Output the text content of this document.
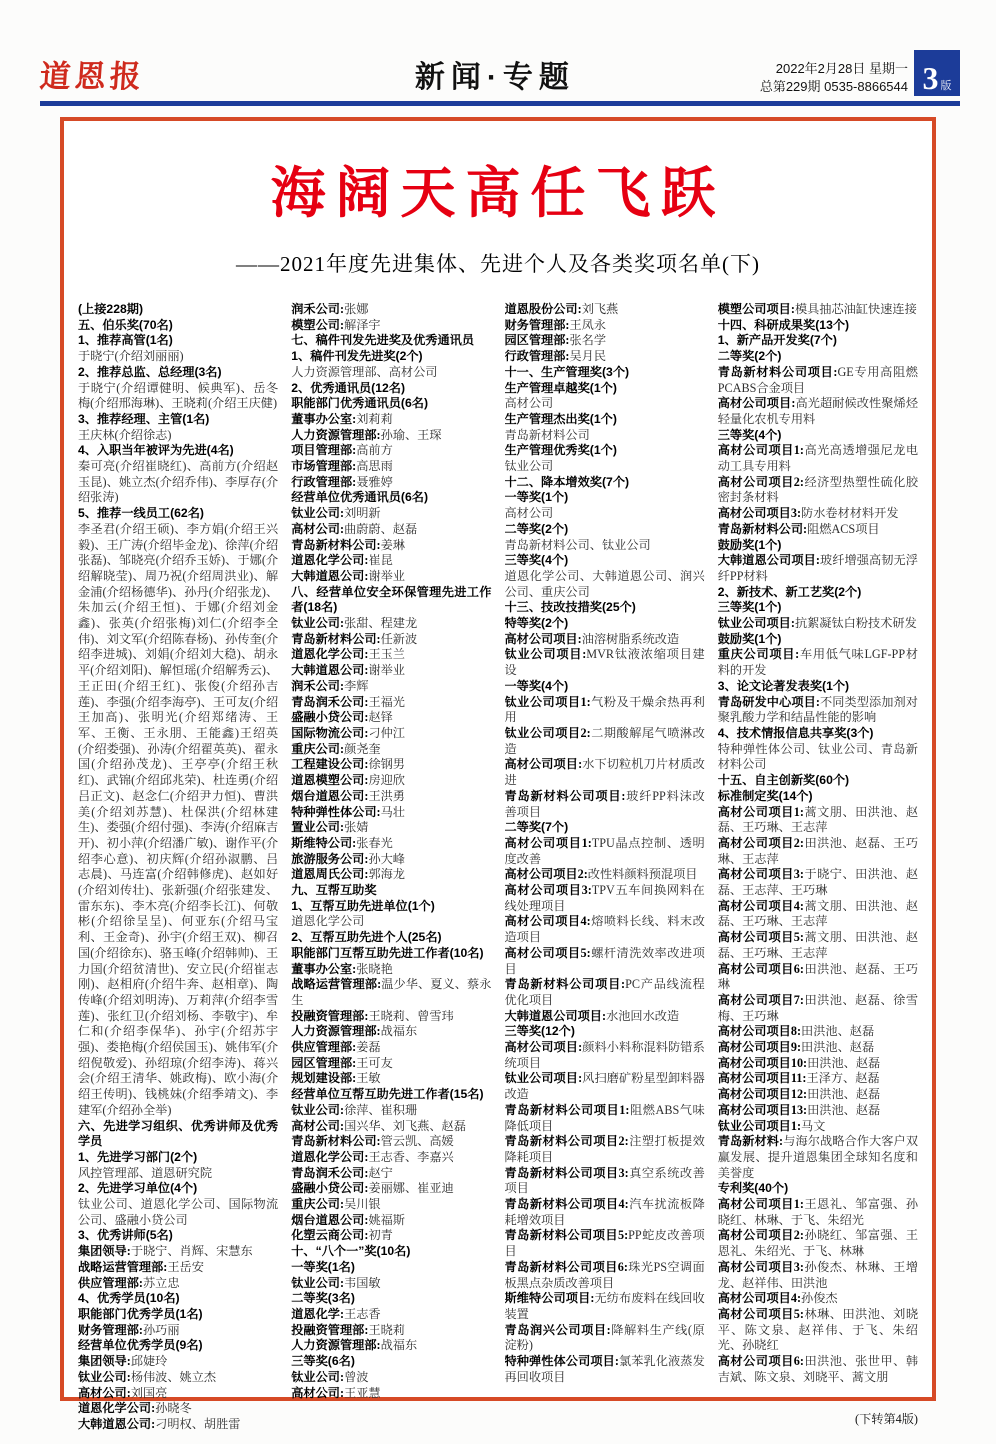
道恩报	新闻·专题	2022年2月28日 星期一
总第229期 0535-8866544 3 版
海阔天高任飞跃
——2021年度先进集体、先进个人及各类奖项名单(下)

(上接228期)

五、伯乐奖(70名)

1、推荐高管(1名)

于晓宁(介绍刘丽丽)

2、推荐总监、总经理(3名)

于晓宁(介绍谭健明、候典军)、岳冬梅(介绍邢海琳)、王晓莉(介绍王庆健)

3、推荐经理、主管(1名)

王庆林(介绍徐志)

4、入职当年被评为先进(4名)

秦可亮(介绍崔晓红)、高前方(介绍赵玉昆)、姚立杰(介绍乔伟)、李厚存(介绍张涛)

5、推荐一线员工(62名)

李圣君(介绍王硕)、李方娟(介绍王兴毅)、王广涛(介绍毕金龙)、徐萍(介绍张磊)、邹晓亮(介绍乔玉娇)、于娜(介绍解晓莹)、周乃祝(介绍周洪业)、解金浦(介绍杨德华)、孙丹(介绍张龙)、朱加云(介绍王恒)、于娜(介绍刘金鑫)、张英(介绍张梅)刘仁(介绍李全伟)、刘文军(介绍陈春杨)、孙传奎(介绍李进城)、刘娟(介绍刘大稳)、胡永平(介绍刘阳)、解恒瑶(介绍解秀云)、王正田(介绍王红)、张俊(介绍孙吉莲)、李强(介绍李海亭)、王可友(介绍王加高)、张明光(介绍郑绪涛、王军、王衡、王永朋、王能鑫)王绍英(介绍娄强)、孙涛(介绍翟英英)、翟永国(介绍孙茂龙)、王亭亭(介绍王秋红)、武锦(介绍邱兆荣)、杜连勇(介绍吕正文)、赵念仁(介绍尹力恒)、曹洪美(介绍刘苏慧)、杜保洪(介绍林建生)、娄强(介绍付强)、李涛(介绍麻吉开)、初小萍(介绍潘广敏)、谢作平(介绍李心意)、初庆辉(介绍孙淑鹏、吕志晨)、马连富(介绍韩修虎)、赵如好(介绍刘传壮)、张新强(介绍张建发、雷东东)、李木亮(介绍李长江)、何敬彬(介绍徐呈呈)、何亚东(介绍马宝利、王金奇)、孙宇(介绍王双)、柳召国(介绍徐东)、骆玉峰(介绍韩帅)、王力国(介绍贫清世)、安立民(介绍崔志刚)、赵相府(介绍牛奔、赵相章)、陶传峰(介绍刘明涛)、万莉萍(介绍李雪莲)、张红卫(介绍刘杨、李敬宇)、牟仁和(介绍李保华)、孙宇(介绍苏宇强)、娄艳梅(介绍侯国玉)、姚伟军(介绍倪敬爱)、孙绍琼(介绍李涛)、蒋兴会(介绍王清华、姚政梅)、欧小海(介绍王传明)、钱桃妹(介绍季靖文)、李建军(介绍孙全举)

六、先进学习组织、优秀讲师及优秀学员

1、先进学习部门(2个)

风控管理部、道恩研究院

2、先进学习单位(4个)

钛业公司、道恩化学公司、国际物流公司、盛融小贷公司

3、优秀讲师(5名)

集团领导:于晓宁、肖辉、宋慧东

战略运营管理部:王岳安

供应管理部:苏立忠

4、优秀学员(10名)

职能部门优秀学员(1名)

财务管理部:孙巧丽

经营单位优秀学员(9名)

集团领导:邱婕玲

钛业公司:杨伟波、姚立杰

高材公司:刘国亮

道恩化学公司:孙晓冬

大韩道恩公司:刁明权、胡胜雷

润禾公司:张娜

模塑公司:解泽宇

七、稿件刊发先进奖及优秀通讯员

1、稿件刊发先进奖(2个)

人力资源管理部、高材公司

2、优秀通讯员(12名)

职能部门优秀通讯员(6名)

董事办公室:刘莉莉

人力资源管理部:孙瑜、王琛

项目管理部:高前方

市场管理部:高思雨

行政管理部:聂雅婷

经营单位优秀通讯员(6名)

钛业公司:刘明新

高材公司:曲蔚蔚、赵磊

青岛新材料公司:姜琳

道恩化学公司:崔昆

大韩道恩公司:谢举业

八、经营单位安全环保管理先进工作者(18名)

钛业公司:张甜、程建龙

青岛新材料公司:任新波

道恩化学公司:王玉兰

大韩道恩公司:谢举业

润禾公司:李辉

青岛润禾公司:王福光

盛融小贷公司:赵铎

国际物流公司:刁仲江

重庆公司:颜尧奎

工程建设公司:徐钢男

道恩模塑公司:房迎欣

烟台道恩公司:王洪勇

特种弹性体公司:马壮

置业公司:张婧

斯维特公司:张春光

旅游服务公司:孙大峰

道恩周氏公司:郭海龙

九、互帮互助奖

1、互帮互助先进单位(1个)

道恩化学公司

2、互帮互助先进个人(25名)

职能部门互帮互助先进工作者(10名)

董事办公室:张晓艳

战略运营管理部:温少华、夏义、蔡永生

投融资管理部:王晓莉、曾雪玮

人力资源管理部:战福东

供应管理部:姜磊

园区管理部:王可友

规划建设部:王敏

经营单位互帮互助先进工作者(15名)

钛业公司:徐萍、崔积珊

高材公司:国兴华、刘飞燕、赵磊

青岛新材料公司:管云凯、高媛

道恩化学公司:王志香、李嘉兴

青岛润禾公司:赵宁

盛融小贷公司:姜丽娜、崔亚迪

重庆公司:吴川银

烟台道恩公司:姚福斯

化塑云商公司:初青

十、“八个一”奖(10名)

一等奖(1名)

钛业公司:韦国敏

二等奖(3名)

道恩化学:王志香

投融资管理部:王晓莉

人力资源管理部:战福东

三等奖(6名)

钛业公司:曾波

高材公司:王亚慧

道恩股份公司:刘飞燕

财务管理部:王凤永

园区管理部:张名学

行政管理部:吴月民

十一、生产管理奖(3个)

生产管理卓越奖(1个)

高材公司

生产管理杰出奖(1个)

青岛新材料公司

生产管理优秀奖(1个)

钛业公司

十二、降本增效奖(7个)

一等奖(1个)

高材公司

二等奖(2个)

青岛新材料公司、钛业公司

三等奖(4个)

道恩化学公司、大韩道恩公司、润兴公司、重庆公司

十三、技改技措奖(25个)

特等奖(2个)

高材公司项目:油溶树脂系统改造

钛业公司项目:MVR钛液浓缩项目建设

一等奖(4个)

钛业公司项目1:气粉及干燥余热再利用

钛业公司项目2:二期酸解尾气喷淋改造

高材公司项目:水下切粒机刀片材质改进

青岛新材料公司项目:玻纤PP料沫改善项目

二等奖(7个)

高材公司项目1:TPU晶点控制、透明度改善

高材公司项目2:改性料颜料预混项目

高材公司项目3:TPV五车间换网料在线处理项目

高材公司项目4:熔喷料长线、料末改造项目

高材公司项目5:螺杆清洗效率改进项目

青岛新材料公司项目:PC产品线流程优化项目

大韩道恩公司项目:水池回水改造

三等奖(12个)

高材公司项目:颜料小料称混料防错系统项目

钛业公司项目:风扫磨矿粉星型卸料器改造

青岛新材料公司项目1:阻燃ABS气味降低项目

青岛新材料公司项目2:注塑打板提效降耗项目

青岛新材料公司项目3:真空系统改善项目

青岛新材料公司项目4:汽车扰流板降耗增效项目

青岛新材料公司项目5:PP蛇皮改善项目

青岛新材料公司项目6:珠光PS空调面板黑点杂质改善项目

斯维特公司项目:无纺布废料在线回收装置

青岛润兴公司项目:降解料生产线(原淀粉)

特种弹性体公司项目:氯苯乳化液蒸发再回收项目

模塑公司项目:模具抽芯油缸快速连接

十四、科研成果奖(13个)

1、新产品开发奖(7个)

二等奖(2个)

青岛新材料公司项目:GE专用高阻燃PCABS合金项目

高材公司项目:高光超耐候改性聚烯烃轻量化农机专用料

三等奖(4个)

高材公司项目1:高光高透增强尼龙电动工具专用料

高材公司项目2:经济型热塑性硫化胶密封条材料

高材公司项目3:防水卷材材料开发

青岛新材料公司:阻燃ACS项目

鼓励奖(1个)

大韩道恩公司项目:玻纤增强高韧无浮纤PP材料

2、新技术、新工艺奖(2个)

三等奖(1个)

钛业公司项目:抗絮凝钛白粉技术研发

鼓励奖(1个)

重庆公司项目:车用低气味LGF-PP材料的开发

3、论文论著发表奖(1个)

青岛研发中心项目:不同类型添加剂对聚乳酸力学和结晶性能的影响

4、技术情报信息共享奖(3个)

特种弹性体公司、钛业公司、青岛新材料公司

十五、自主创新奖(60个)

标准制定奖(14个)

高材公司项目1:蒿文朋、田洪池、赵磊、王巧琳、王志萍

高材公司项目2:田洪池、赵磊、王巧琳、王志萍

高材公司项目3:于晓宁、田洪池、赵磊、王志萍、王巧琳

高材公司项目4:蒿文朋、田洪池、赵磊、王巧琳、王志萍

高材公司项目5:蒿文朋、田洪池、赵磊、王巧琳、王志萍

高材公司项目6:田洪池、赵磊、王巧琳

高材公司项目7:田洪池、赵磊、徐雪梅、王巧琳

高材公司项目8:田洪池、赵磊

高材公司项目9:田洪池、赵磊

高材公司项目10:田洪池、赵磊

高材公司项目11:王泽方、赵磊

高材公司项目12:田洪池、赵磊

高材公司项目13:田洪池、赵磊

钛业公司项目1:马文

青岛新材料:与海尔战略合作大客户双赢发展、提升道恩集团全球知名度和美誉度

专利奖(40个)

高材公司项目1:王恩礼、邹富强、孙晓红、林琳、于飞、朱绍光

高材公司项目2:孙晓红、邹富强、王恩礼、朱绍光、于飞、林琳

高材公司项目3:孙俊杰、林琳、王增龙、赵祥伟、田洪池

高材公司项目4:孙俊杰

高材公司项目5:林琳、田洪池、刘晓平、陈文泉、赵祥伟、于飞、朱绍光、孙晓红

高材公司项目6:田洪池、张世甲、韩吉斌、陈文泉、刘晓平、蒿文朋

(下转第4版)
